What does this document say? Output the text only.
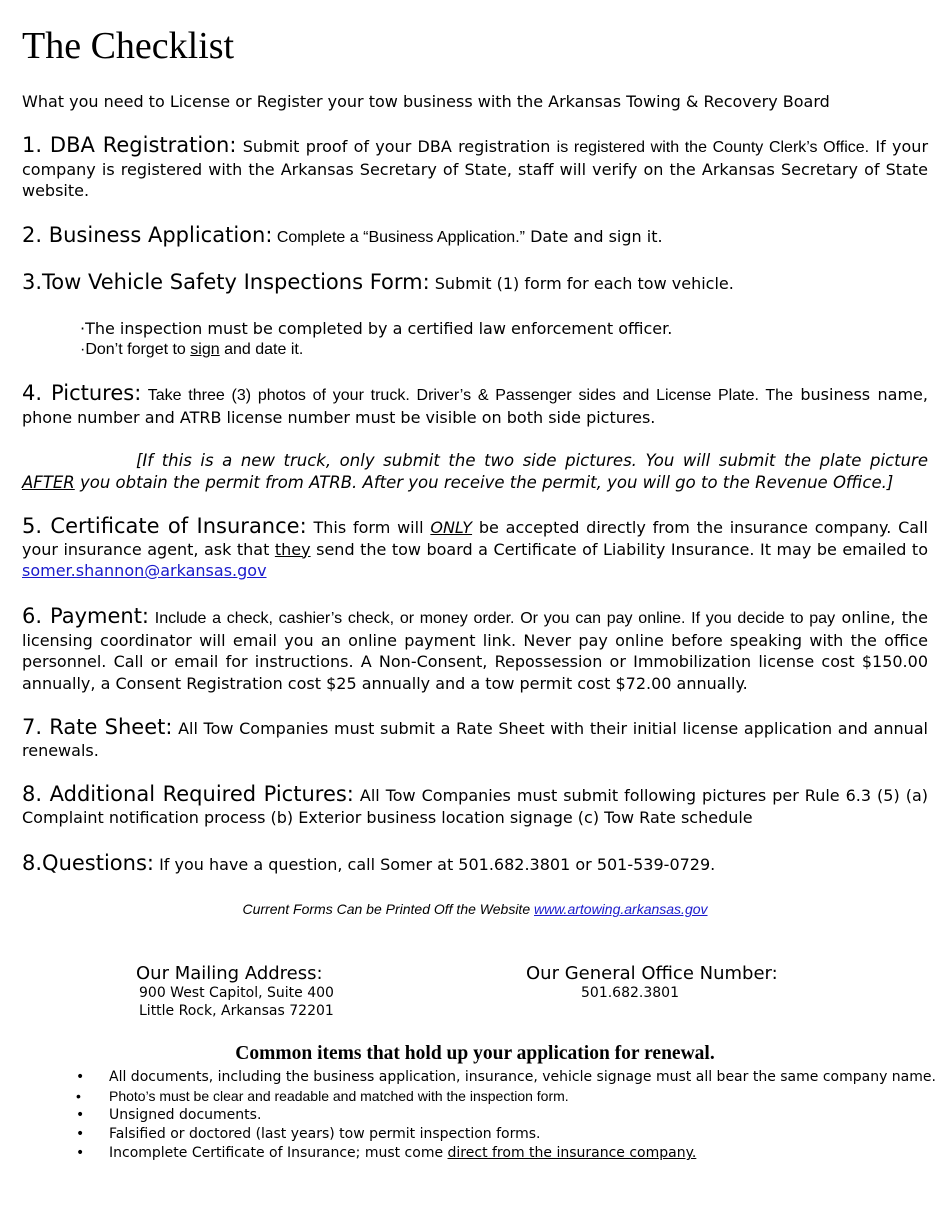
The Checklist

What you need to License or Register your tow business with the Arkansas Towing & Recovery Board

1. DBA Registration: Submit proof of your DBA registration is registered with the County Clerk’s Office. If your company is registered with the Arkansas Secretary of State, staff will verify on the Arkansas Secretary of State website.

2. Business Application: Complete a “Business Application.” Date and sign it.

3.Tow Vehicle Safety Inspections Form: Submit (1) form for each tow vehicle.

·The inspection must be completed by a certified law enforcement officer.

·Don’t forget to sign and date it.

4. Pictures: Take three (3) photos of your truck. Driver’s & Passenger sides and License Plate. The business name, phone number and ATRB license number must be visible on both side pictures.

[If this is a new truck, only submit the two side pictures. You will submit the plate picture AFTER you obtain the permit from ATRB. After you receive the permit, you will go to the Revenue Office.]

5. Certificate of Insurance: This form will ONLY be accepted directly from the insurance company. Call your insurance agent, ask that they send the tow board a Certificate of Liability Insurance. It may be emailed to somer.shannon@arkansas.gov

6. Payment: Include a check, cashier’s check, or money order. Or you can pay online. If you decide to pay online, the licensing coordinator will email you an online payment link. Never pay online before speaking with the office personnel. Call or email for instructions. A Non-Consent, Repossession or Immobilization license cost $150.00 annually, a Consent Registration cost $25 annually and a tow permit cost $72.00 annually.

7. Rate Sheet: All Tow Companies must submit a Rate Sheet with their initial license application and annual renewals.

8. Additional Required Pictures: All Tow Companies must submit following pictures per Rule 6.3 (5) (a) Complaint notification process (b) Exterior business location signage (c) Tow Rate schedule

8.Questions: If you have a question, call Somer at 501.682.3801 or 501-539-0729.

Current Forms Can be Printed Off the Website www.artowing.arkansas.gov

Our Mailing Address:

900 West Capitol, Suite 400

Little Rock, Arkansas 72201

Our General Office Number:

501.682.3801

Common items that hold up your application for renewal.

• All documents, including the business application, insurance, vehicle signage must all bear the same company name.
• Photo’s must be clear and readable and matched with the inspection form.
• Unsigned documents.
• Falsified or doctored (last years) tow permit inspection forms.
• Incomplete Certificate of Insurance; must come direct from the insurance company.
